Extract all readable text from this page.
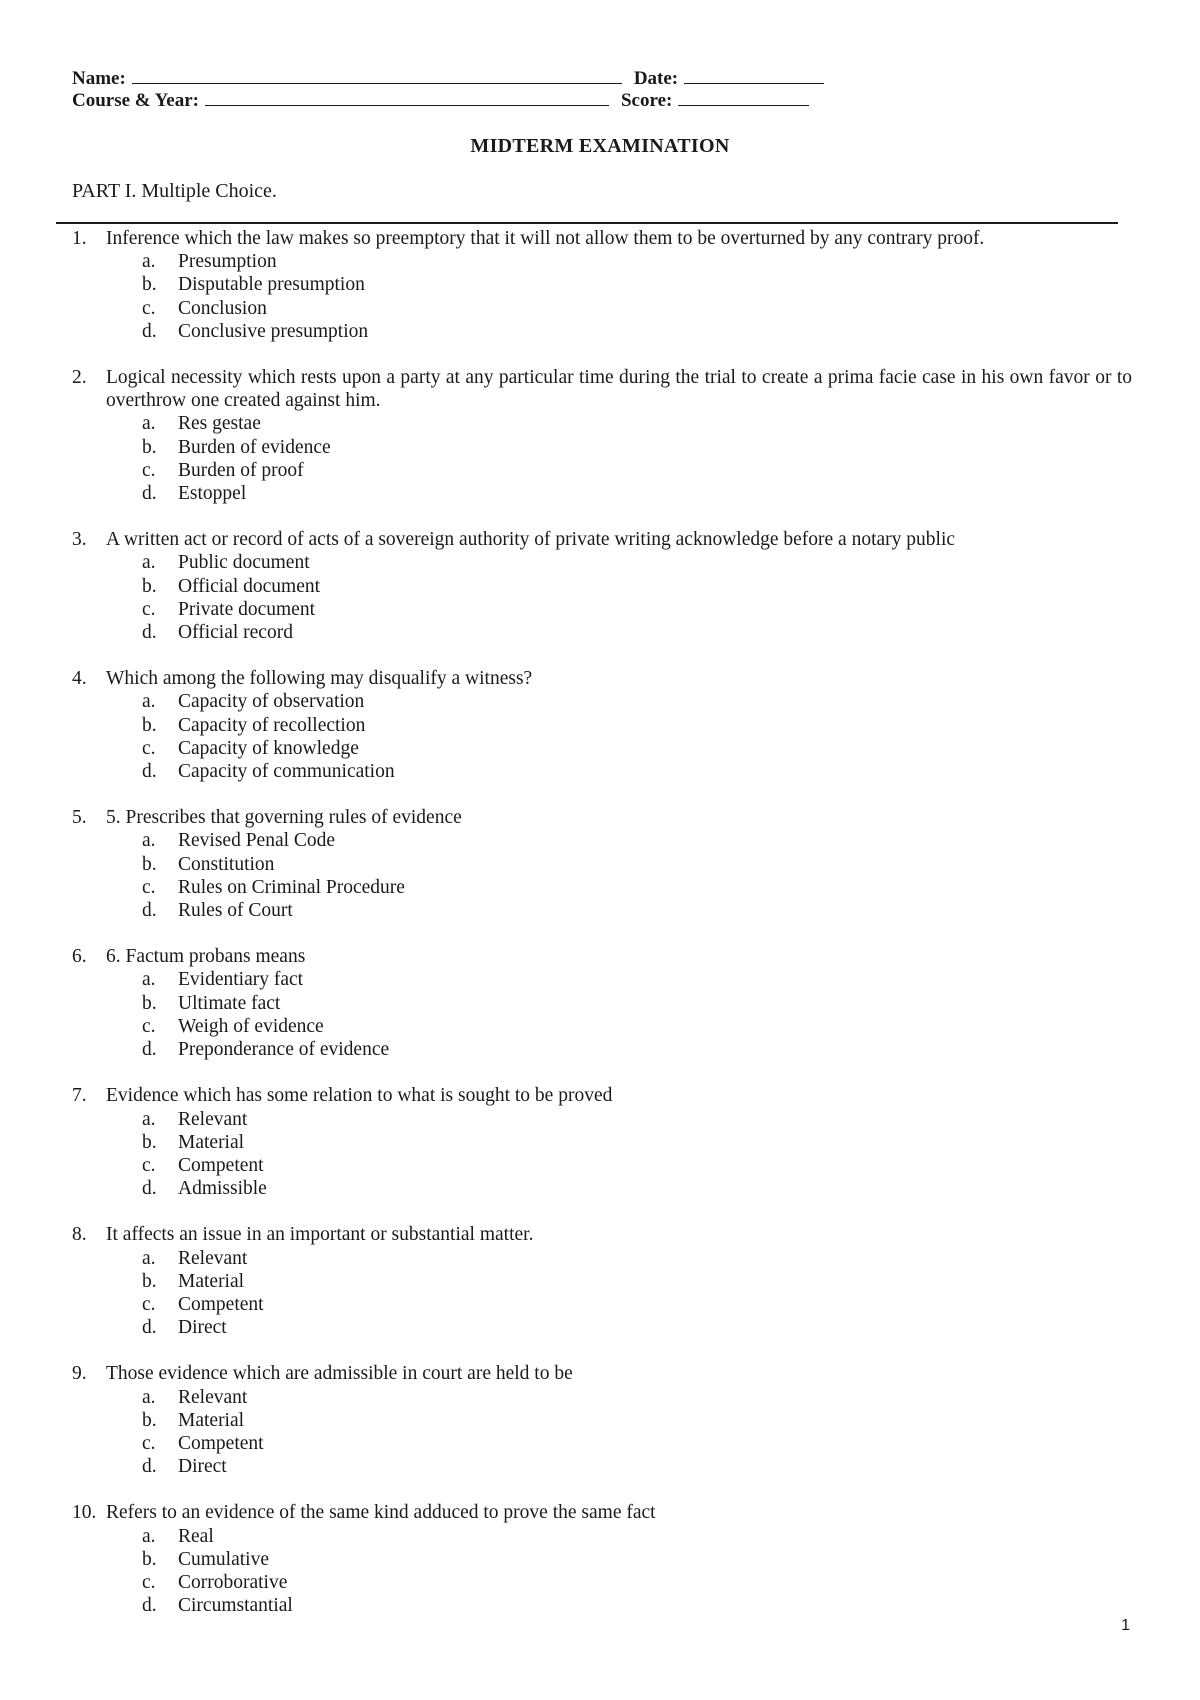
Name:	Date:
Course & Year:	Score:
MIDTERM EXAMINATION
PART I. Multiple Choice.
1. Inference which the law makes so preemptory that it will not allow them to be overturned by any contrary proof.
a.	Presumption
b.	Disputable presumption
c.	Conclusion
d.	Conclusive presumption
2. Logical necessity which rests upon a party at any particular time during the trial to create a prima facie case in his own favor or to overthrow one created against him.
a.	Res gestae
b.	Burden of evidence
c.	Burden of proof
d.	Estoppel
3. A written act or record of acts of a sovereign authority of private writing acknowledge before a notary public
a.	Public document
b.	Official document
c.	Private document
d.	Official record
4. Which among the following may disqualify a witness?
a.	Capacity of observation
b.	Capacity of recollection
c.	Capacity of knowledge
d.	Capacity of communication
5. 5. Prescribes that governing rules of evidence
a.	Revised Penal Code
b.	Constitution
c.	Rules on Criminal Procedure
d.	Rules of Court
6. 6. Factum probans means
a.	Evidentiary fact
b.	Ultimate fact
c.	Weigh of evidence
d.	Preponderance of evidence
7. Evidence which has some relation to what is sought to be proved
a.	Relevant
b.	Material
c.	Competent
d.	Admissible
8. It affects an issue in an important or substantial matter.
a.	Relevant
b.	Material
c.	Competent
d.	Direct
9. Those evidence which are admissible in court are held to be
a.	Relevant
b.	Material
c.	Competent
d.	Direct
10. Refers to an evidence of the same kind adduced to prove the same fact
a.	Real
b.	Cumulative
c.	Corroborative
d.	Circumstantial
1
